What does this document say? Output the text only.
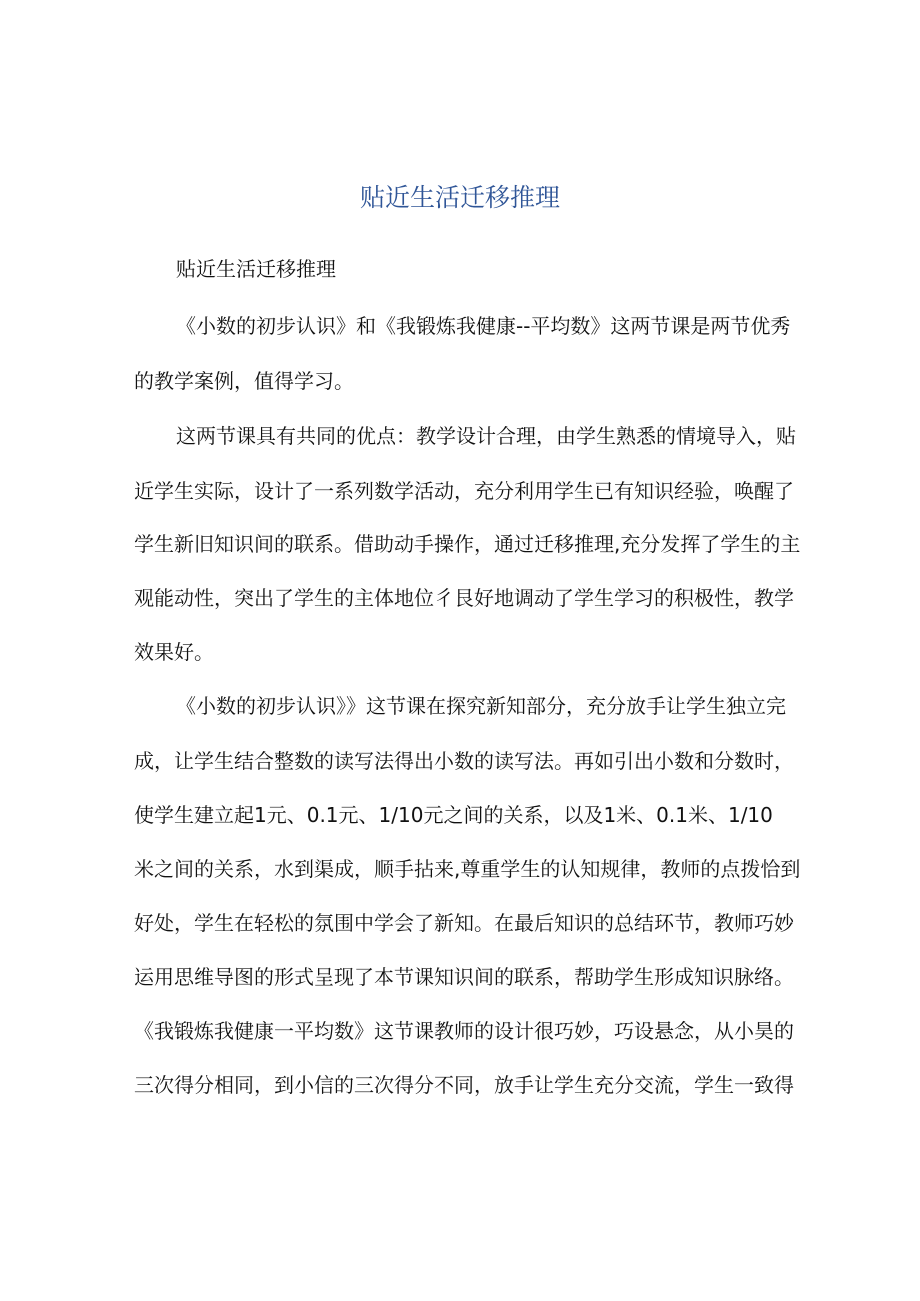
贴近生活迁移推理
贴近生活迁移推理
《小数的初步认识》和《我锻炼我健康--平均数》这两节课是两节优秀
的教学案例，值得学习。
这两节课具有共同的优点：教学设计合理，由学生熟悉的情境导入，贴
近学生实际，设计了一系列数学活动，充分利用学生已有知识经验，唤醒了
学生新旧知识间的联系。借助动手操作，通过迁移推理,充分发挥了学生的主
观能动性，突出了学生的主体地位彳艮好地调动了学生学习的积极性，教学
效果好。
《小数的初步认识》》这节课在探究新知部分，充分放手让学生独立完
成，让学生结合整数的读写法得出小数的读写法。再如引出小数和分数时，
使学生建立起1元、0.1元、1/10元之间的关系，以及1米、0.1米、1/10
米之间的关系，水到渠成，顺手拈来,尊重学生的认知规律，教师的点拨恰到
好处，学生在轻松的氛围中学会了新知。在最后知识的总结环节，教师巧妙
运用思维导图的形式呈现了本节课知识间的联系，帮助学生形成知识脉络。
《我锻炼我健康一平均数》这节课教师的设计很巧妙，巧设悬念，从小昊的
三次得分相同，到小信的三次得分不同，放手让学生充分交流，学生一致得
